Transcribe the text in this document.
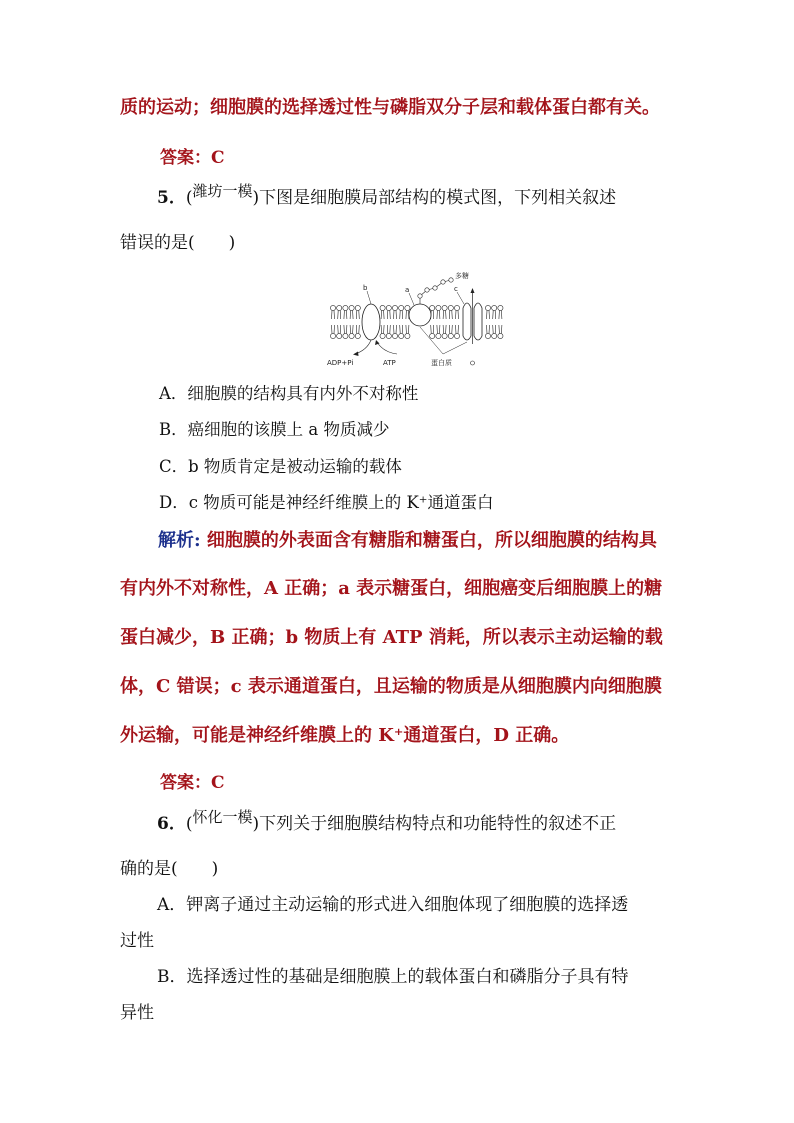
质的运动；细胞膜的选择透过性与磷脂双分子层和载体蛋白都有关。
答案：C
5．(潍坊一模)下图是细胞膜局部结构的模式图，下列相关叙述
错误的是(　　)
b	a	c
多糖
ADP+Pi	ATP	蛋白质
A．细胞膜的结构具有内外不对称性
B．癌细胞的该膜上 a 物质减少
C．b 物质肯定是被动运输的载体
D．c 物质可能是神经纤维膜上的 K⁺通道蛋白
解析: 细胞膜的外表面含有糖脂和糖蛋白，所以细胞膜的结构具
有内外不对称性，A 正确；a 表示糖蛋白，细胞癌变后细胞膜上的糖
蛋白减少，B 正确；b 物质上有 ATP 消耗，所以表示主动运输的载
体，C 错误；c 表示通道蛋白，且运输的物质是从细胞膜内向细胞膜
外运输，可能是神经纤维膜上的 K⁺通道蛋白，D 正确。
答案：C
6．(怀化一模)下列关于细胞膜结构特点和功能特性的叙述不正
确的是(　　)
A．钾离子通过主动运输的形式进入细胞体现了细胞膜的选择透
过性
B．选择透过性的基础是细胞膜上的载体蛋白和磷脂分子具有特
异性
